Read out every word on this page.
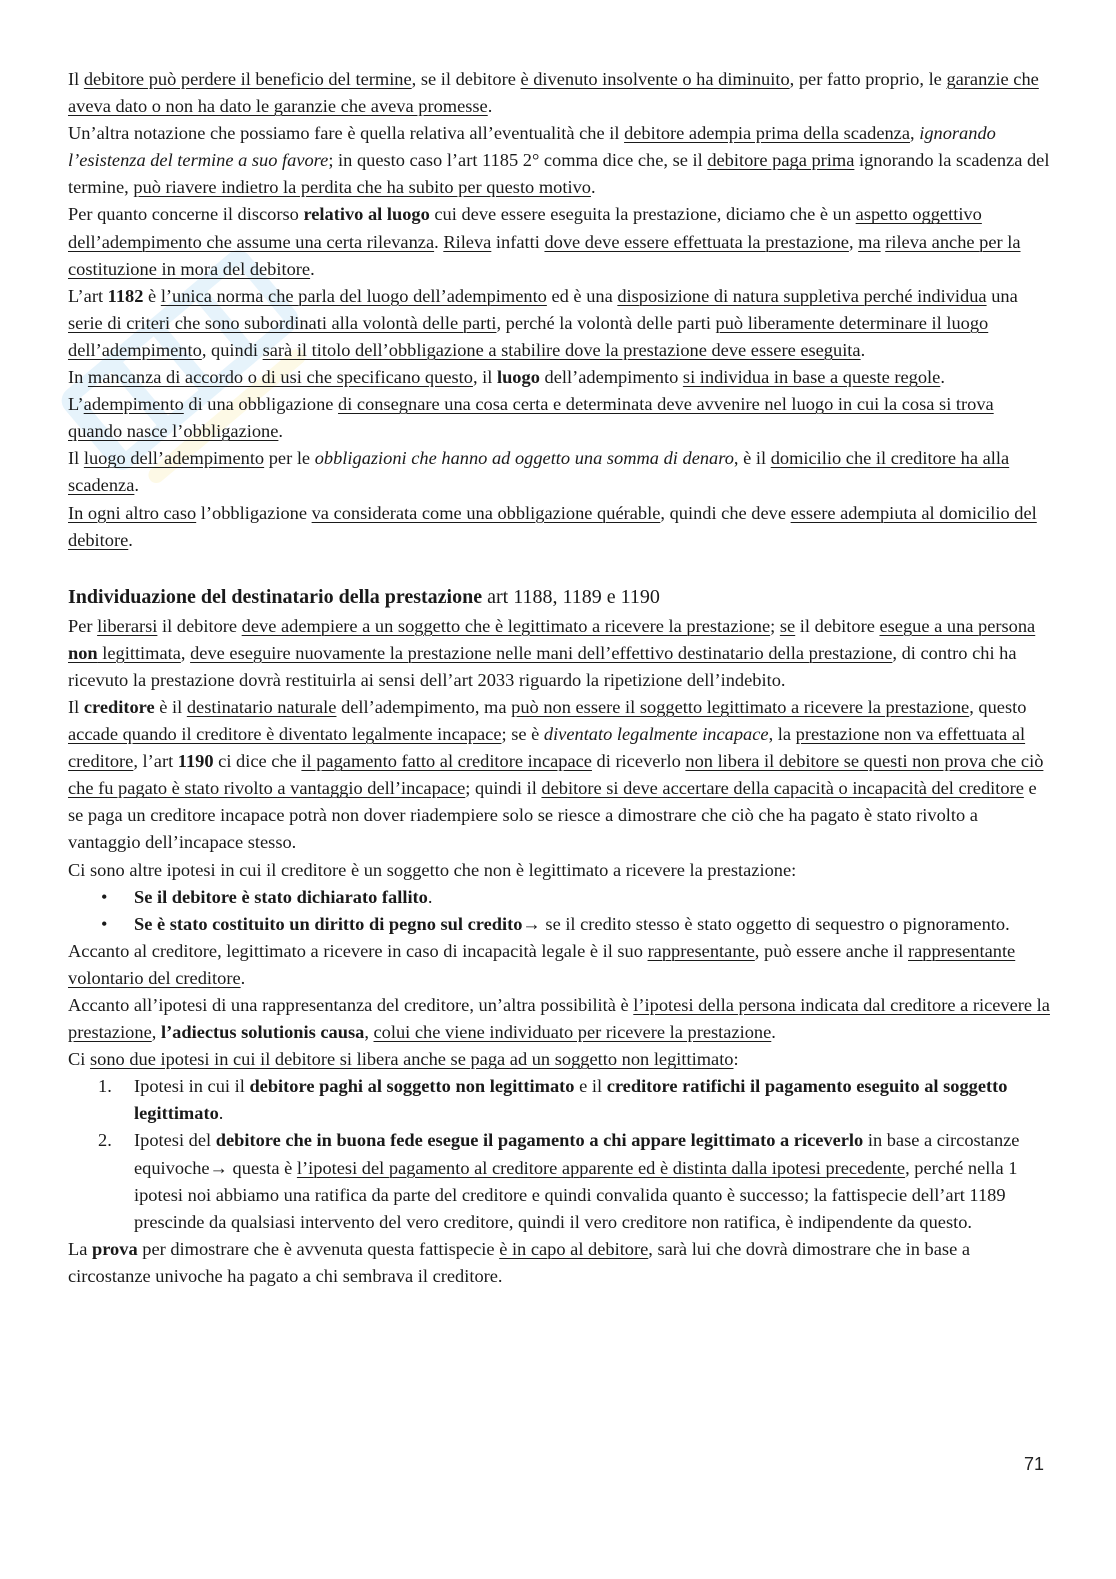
Il debitore può perdere il beneficio del termine, se il debitore è divenuto insolvente o ha diminuito, per fatto proprio, le garanzie che aveva dato o non ha dato le garanzie che aveva promesse.

Un’altra notazione che possiamo fare è quella relativa all’eventualità che il debitore adempia prima della scadenza, ignorando l’esistenza del termine a suo favore; in questo caso l’art 1185 2° comma dice che, se il debitore paga prima ignorando la scadenza del termine, può riavere indietro la perdita che ha subito per questo motivo.

Per quanto concerne il discorso relativo al luogo cui deve essere eseguita la prestazione, diciamo che è un aspetto oggettivo dell’adempimento che assume una certa rilevanza. Rileva infatti dove deve essere effettuata la prestazione, ma rileva anche per la costituzione in mora del debitore.

L’art 1182 è l’unica norma che parla del luogo dell’adempimento ed è una disposizione di natura suppletiva perché individua una serie di criteri che sono subordinati alla volontà delle parti, perché la volontà delle parti può liberamente determinare il luogo dell’adempimento, quindi sarà il titolo dell’obbligazione a stabilire dove la prestazione deve essere eseguita.

In mancanza di accordo o di usi che specificano questo, il luogo dell’adempimento si individua in base a queste regole.

L’adempimento di una obbligazione di consegnare una cosa certa e determinata deve avvenire nel luogo in cui la cosa si trova quando nasce l’obbligazione.

Il luogo dell’adempimento per le obbligazioni che hanno ad oggetto una somma di denaro, è il domicilio che il creditore ha alla scadenza.

In ogni altro caso l’obbligazione va considerata come una obbligazione quérable, quindi che deve essere adempiuta al domicilio del debitore.

Individuazione del destinatario della prestazione art 1188, 1189 e 1190

Per liberarsi il debitore deve adempiere a un soggetto che è legittimato a ricevere la prestazione; se il debitore esegue a una persona non legittimata, deve eseguire nuovamente la prestazione nelle mani dell’effettivo destinatario della prestazione, di contro chi ha ricevuto la prestazione dovrà restituirla ai sensi dell’art 2033 riguardo la ripetizione dell’indebito.

Il creditore è il destinatario naturale dell’adempimento, ma può non essere il soggetto legittimato a ricevere la prestazione, questo accade quando il creditore è diventato legalmente incapace; se è diventato legalmente incapace, la prestazione non va effettuata al creditore, l’art 1190 ci dice che il pagamento fatto al creditore incapace di riceverlo non libera il debitore se questi non prova che ciò che fu pagato è stato rivolto a vantaggio dell’incapace; quindi il debitore si deve accertare della capacità o incapacità del creditore e se paga un creditore incapace potrà non dover riadempiere solo se riesce a dimostrare che ciò che ha pagato è stato rivolto a vantaggio dell’incapace stesso.

Ci sono altre ipotesi in cui il creditore è un soggetto che non è legittimato a ricevere la prestazione:

• Se il debitore è stato dichiarato fallito.
• Se è stato costituito un diritto di pegno sul credito→ se il credito stesso è stato oggetto di sequestro o pignoramento.

Accanto al creditore, legittimato a ricevere in caso di incapacità legale è il suo rappresentante, può essere anche il rappresentante volontario del creditore.

Accanto all’ipotesi di una rappresentanza del creditore, un’altra possibilità è l’ipotesi della persona indicata dal creditore a ricevere la prestazione, l’adiectus solutionis causa, colui che viene individuato per ricevere la prestazione.

Ci sono due ipotesi in cui il debitore si libera anche se paga ad un soggetto non legittimato:

1. Ipotesi in cui il debitore paghi al soggetto non legittimato e il creditore ratifichi il pagamento eseguito al soggetto legittimato.
2. Ipotesi del debitore che in buona fede esegue il pagamento a chi appare legittimato a riceverlo in base a circostanze equivoche→ questa è l’ipotesi del pagamento al creditore apparente ed è distinta dalla ipotesi precedente, perché nella 1 ipotesi noi abbiamo una ratifica da parte del creditore e quindi convalida quanto è successo; la fattispecie dell’art 1189 prescinde da qualsiasi intervento del vero creditore, quindi il vero creditore non ratifica, è indipendente da questo.

La prova per dimostrare che è avvenuta questa fattispecie è in capo al debitore, sarà lui che dovrà dimostrare che in base a circostanze univoche ha pagato a chi sembrava il creditore.

71
